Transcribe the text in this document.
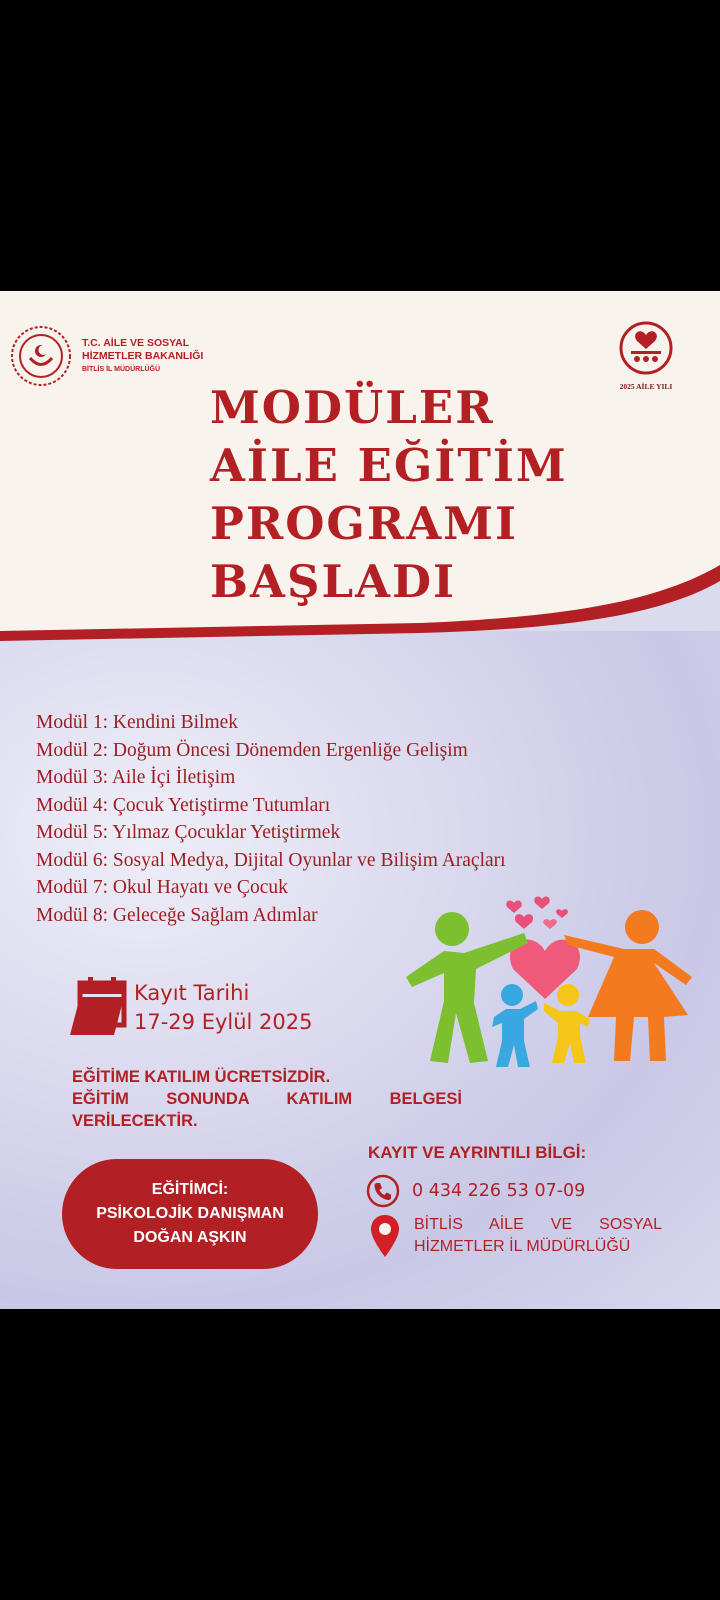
T.C. AİLE VE SOSYAL
HİZMETLER BAKANLIĞI
BİTLİS İL MÜDÜRLÜĞÜ
2025 AİLE YILI
MODÜLER
AİLE EĞİTİM
PROGRAMI
BAŞLADI
Modül 1: Kendini Bilmek
Modül 2: Doğum Öncesi Dönemden Ergenliğe Gelişim
Modül 3: Aile İçi İletişim
Modül 4: Çocuk Yetiştirme Tutumları
Modül 5: Yılmaz Çocuklar Yetiştirmek
Modül 6: Sosyal Medya, Dijital Oyunlar ve Bilişim Araçları
Modül 7: Okul Hayatı ve Çocuk
Modül 8: Geleceğe Sağlam Adımlar
Kayıt Tarihi
17-29 Eylül 2025
EĞİTİME KATILIM ÜCRETSİZDİR.
EĞİTİM SONUNDA KATILIM BELGESİ
VERİLECEKTİR.
EĞİTİMCİ:
PSİKOLOJİK DANIŞMAN
DOĞAN AŞKIN
KAYIT VE AYRINTILI BİLGİ:
0 434 226 53 07-09
BİTLİS AİLE VE SOSYAL
HİZMETLER İL MÜDÜRLÜĞÜ
